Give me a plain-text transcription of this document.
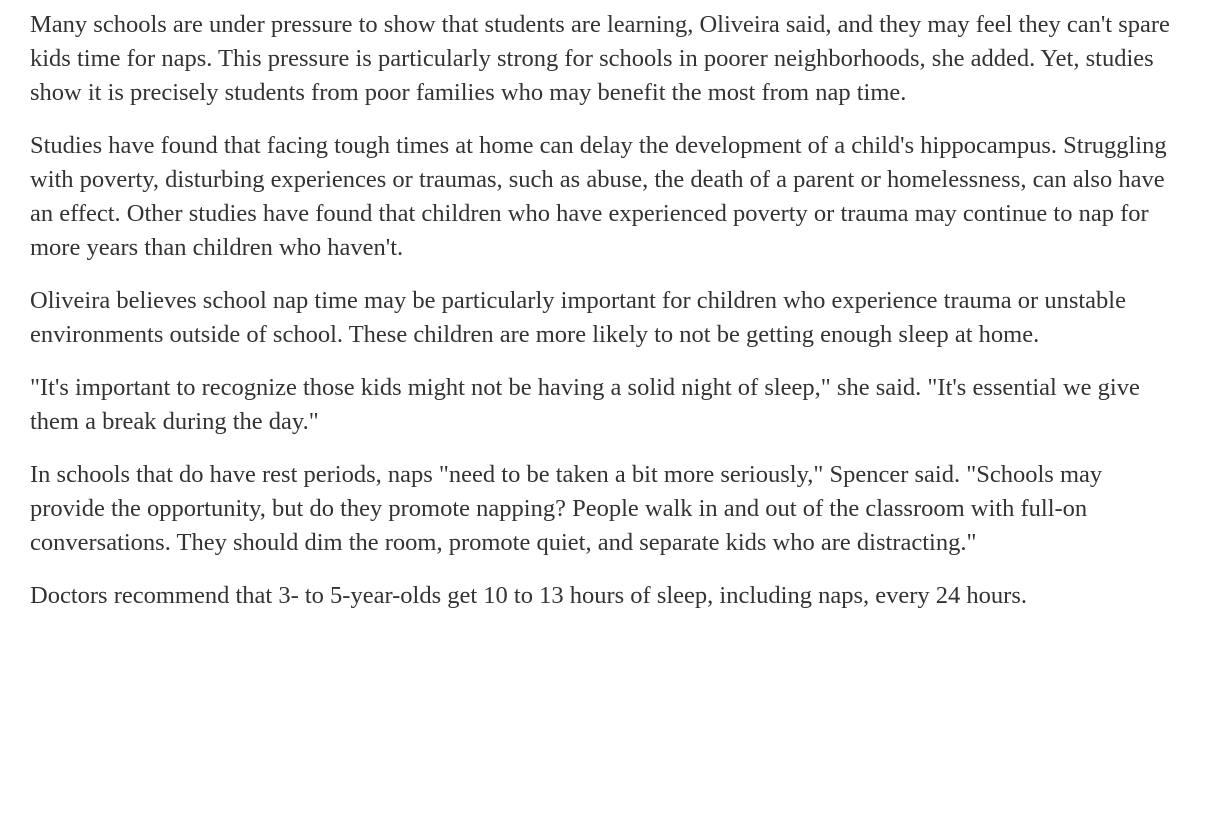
Many schools are under pressure to show that students are learning, Oliveira said, and they may feel they can't spare kids time for naps. This pressure is particularly strong for schools in poorer neighborhoods, she added. Yet, studies show it is precisely students from poor families who may benefit the most from nap time.

Studies have found that facing tough times at home can delay the development of a child's hippocampus. Struggling with poverty, disturbing experiences or traumas, such as abuse, the death of a parent or homelessness, can also have an effect. Other studies have found that children who have experienced poverty or trauma may continue to nap for more years than children who haven't.

Oliveira believes school nap time may be particularly important for children who experience trauma or unstable environments outside of school. These children are more likely to not be getting enough sleep at home.

"It's important to recognize those kids might not be having a solid night of sleep," she said. "It's essential we give them a break during the day."

In schools that do have rest periods, naps "need to be taken a bit more seriously," Spencer said. "Schools may provide the opportunity, but do they promote napping? People walk in and out of the classroom with full-on conversations. They should dim the room, promote quiet, and separate kids who are distracting."

Doctors recommend that 3- to 5-year-olds get 10 to 13 hours of sleep, including naps, every 24 hours.
